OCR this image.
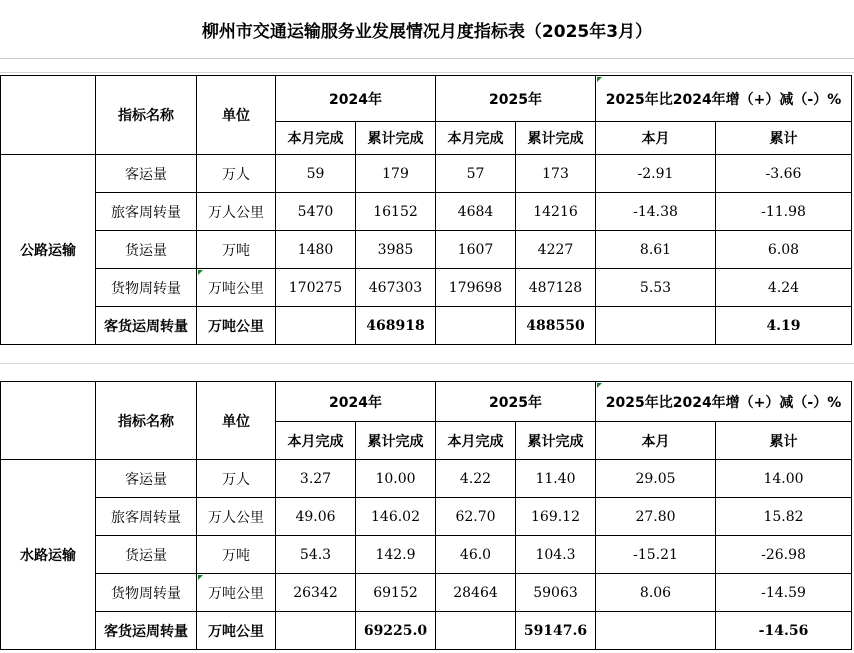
柳州市交通运输服务业发展情况月度指标表（2025年3月）
	指标名称	单位	2024年		2025年		2025年比2024年增（+）减（-）%	
			本月完成	累计完成	本月完成	累计完成	本月	累计
公路运输	客运量	万人	59	179	57	173	-2.91	-3.66
	旅客周转量	万人公里	5470	16152	4684	14216	-14.38	-11.98
	货运量	万吨	1480	3985	1607	4227	8.61	6.08
	货物周转量	万吨公里	170275	467303	179698	487128	5.53	4.24
	客货运周转量	万吨公里		468918		488550		4.19
	指标名称	单位	2024年		2025年		2025年比2024年增（+）减（-）%	
			本月完成	累计完成	本月完成	累计完成	本月	累计
水路运输	客运量	万人	3.27	10.00	4.22	11.40	29.05	14.00
	旅客周转量	万人公里	49.06	146.02	62.70	169.12	27.80	15.82
	货运量	万吨	54.3	142.9	46.0	104.3	-15.21	-26.98
	货物周转量	万吨公里	26342	69152	28464	59063	8.06	-14.59
	客货运周转量	万吨公里		69225.0		59147.6		-14.56
